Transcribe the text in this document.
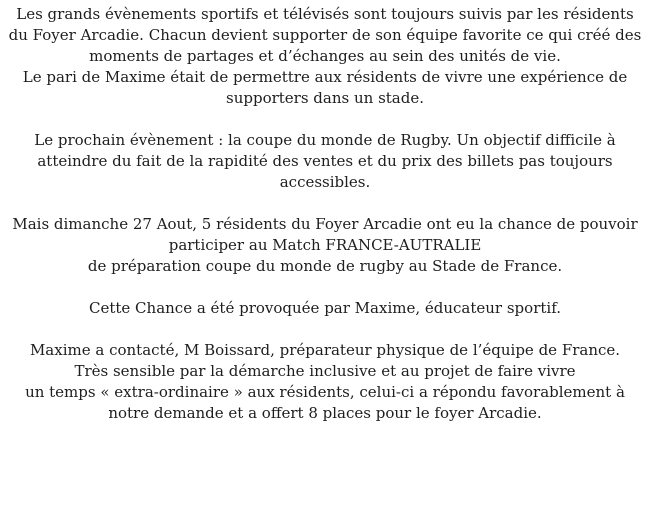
Les grands évènements sportifs et télévisés sont toujours suivis par les résidents
du Foyer Arcadie. Chacun devient supporter de son équipe favorite ce qui créé des
moments de partages et d’échanges au sein des unités de vie.
Le pari de Maxime était de permettre aux résidents de vivre une expérience de
supporters dans un stade.

Le prochain évènement : la coupe du monde de Rugby. Un objectif difficile à
atteindre du fait de la rapidité des ventes et du prix des billets pas toujours
accessibles.

Mais dimanche 27 Aout, 5 résidents du Foyer Arcadie ont eu la chance de pouvoir
participer au Match FRANCE-AUTRALIE
de préparation coupe du monde de rugby au Stade de France.

Cette Chance a été provoquée par Maxime, éducateur sportif.

Maxime a contacté, M Boissard, préparateur physique de l’équipe de France.
Très sensible par la démarche inclusive et au projet de faire vivre
un temps « extra-ordinaire » aux résidents, celui-ci a répondu favorablement à
notre demande et a offert 8 places pour le foyer Arcadie.
